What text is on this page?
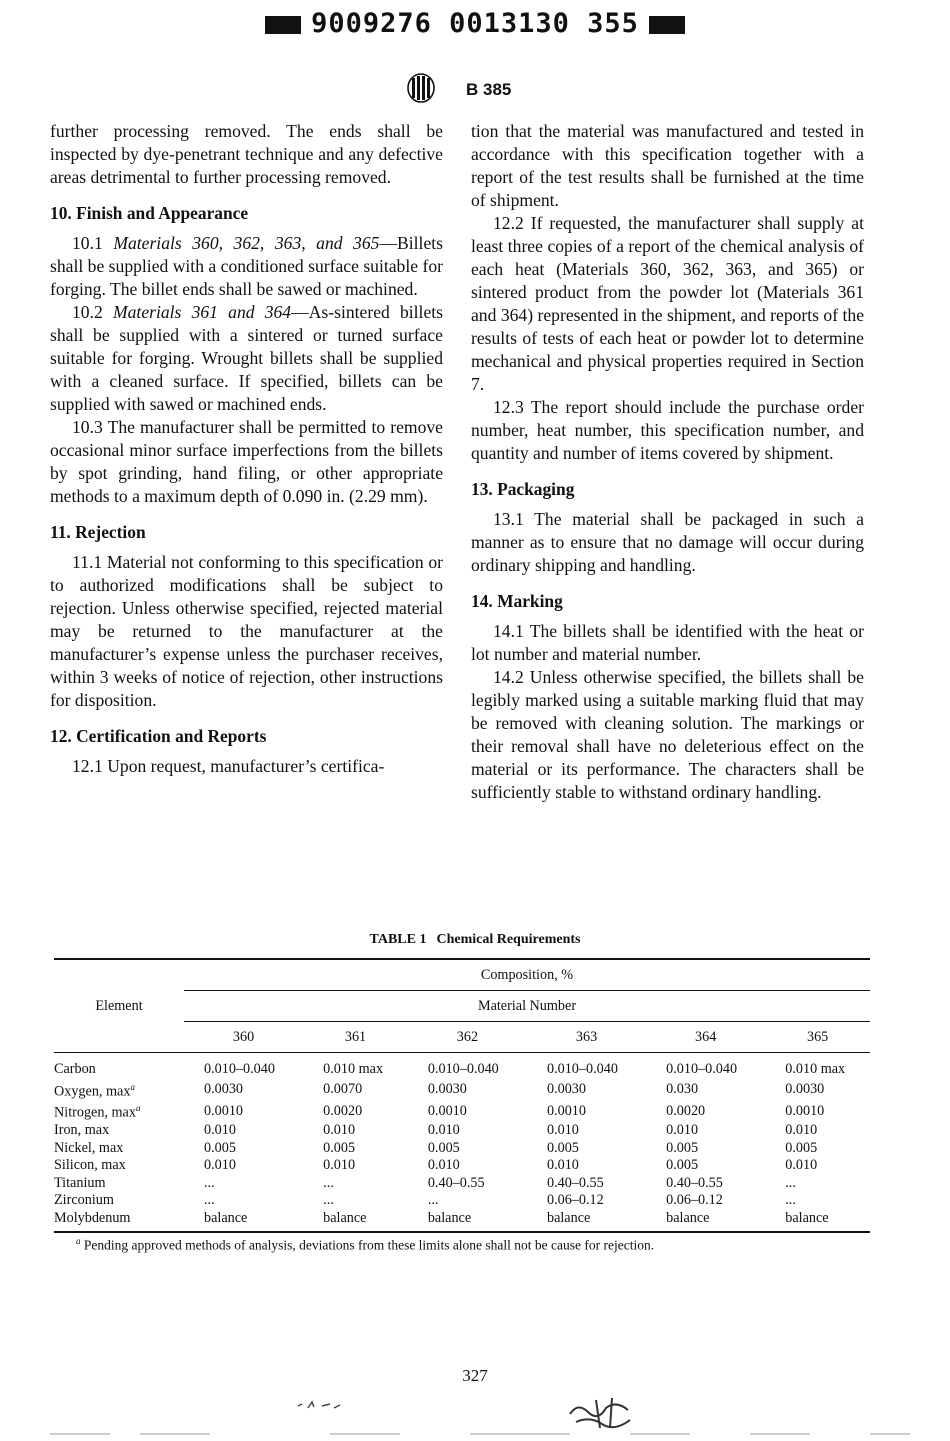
9009276 0013130 355
B 385

further processing removed. The ends shall be inspected by dye-penetrant technique and any defective areas detrimental to further processing removed.

10. Finish and Appearance

10.1 Materials 360, 362, 363, and 365—Billets shall be supplied with a conditioned surface suitable for forging. The billet ends shall be sawed or machined.

10.2 Materials 361 and 364—As-sintered billets shall be supplied with a sintered or turned surface suitable for forging. Wrought billets shall be supplied with a cleaned surface. If specified, billets can be supplied with sawed or machined ends.

10.3 The manufacturer shall be permitted to remove occasional minor surface imperfections from the billets by spot grinding, hand filing, or other appropriate methods to a maximum depth of 0.090 in. (2.29 mm).

11. Rejection

11.1 Material not conforming to this specification or to authorized modifications shall be subject to rejection. Unless otherwise specified, rejected material may be returned to the manufacturer at the manufacturer’s expense unless the purchaser receives, within 3 weeks of notice of rejection, other instructions for disposition.

12. Certification and Reports

12.1 Upon request, manufacturer’s certifica-

tion that the material was manufactured and tested in accordance with this specification together with a report of the test results shall be furnished at the time of shipment.

12.2 If requested, the manufacturer shall supply at least three copies of a report of the chemical analysis of each heat (Materials 360, 362, 363, and 365) or sintered product from the powder lot (Materials 361 and 364) represented in the shipment, and reports of the results of tests of each heat or powder lot to determine mechanical and physical properties required in Section 7.

12.3 The report should include the purchase order number, heat number, this specification number, and quantity and number of items covered by shipment.

13. Packaging

13.1 The material shall be packaged in such a manner as to ensure that no damage will occur during ordinary shipping and handling.

14. Marking

14.1 The billets shall be identified with the heat or lot number and material number.

14.2 Unless otherwise specified, the billets shall be legibly marked using a suitable marking fluid that may be removed with cleaning solution. The markings or their removal shall have no deleterious effect on the material or its performance. The characters shall be sufficiently stable to withstand ordinary handling.

TABLE 1 Chemical Requirements
Element	Composition, %					
	Material Number					
	360	361	362	363	364	365
Carbon	0.010–0.040	0.010 max	0.010–0.040	0.010–0.040	0.010–0.040	0.010 max
Oxygen, max$^a$	0.0030	0.0070	0.0030	0.0030	0.030	0.0030
Nitrogen, max$^a$	0.0010	0.0020	0.0010	0.0010	0.0020	0.0010
Iron, max	0.010	0.010	0.010	0.010	0.010	0.010
Nickel, max	0.005	0.005	0.005	0.005	0.005	0.005
Silicon, max	0.010	0.010	0.010	0.010	0.005	0.010
Titanium	...	...	0.40–0.55	0.40–0.55	0.40–0.55	...
Zirconium	...	...	...	0.06–0.12	0.06–0.12	...
Molybdenum	balance	balance	balance	balance	balance	balance
$^a$ Pending approved methods of analysis, deviations from these limits alone shall not be cause for rejection.
327
